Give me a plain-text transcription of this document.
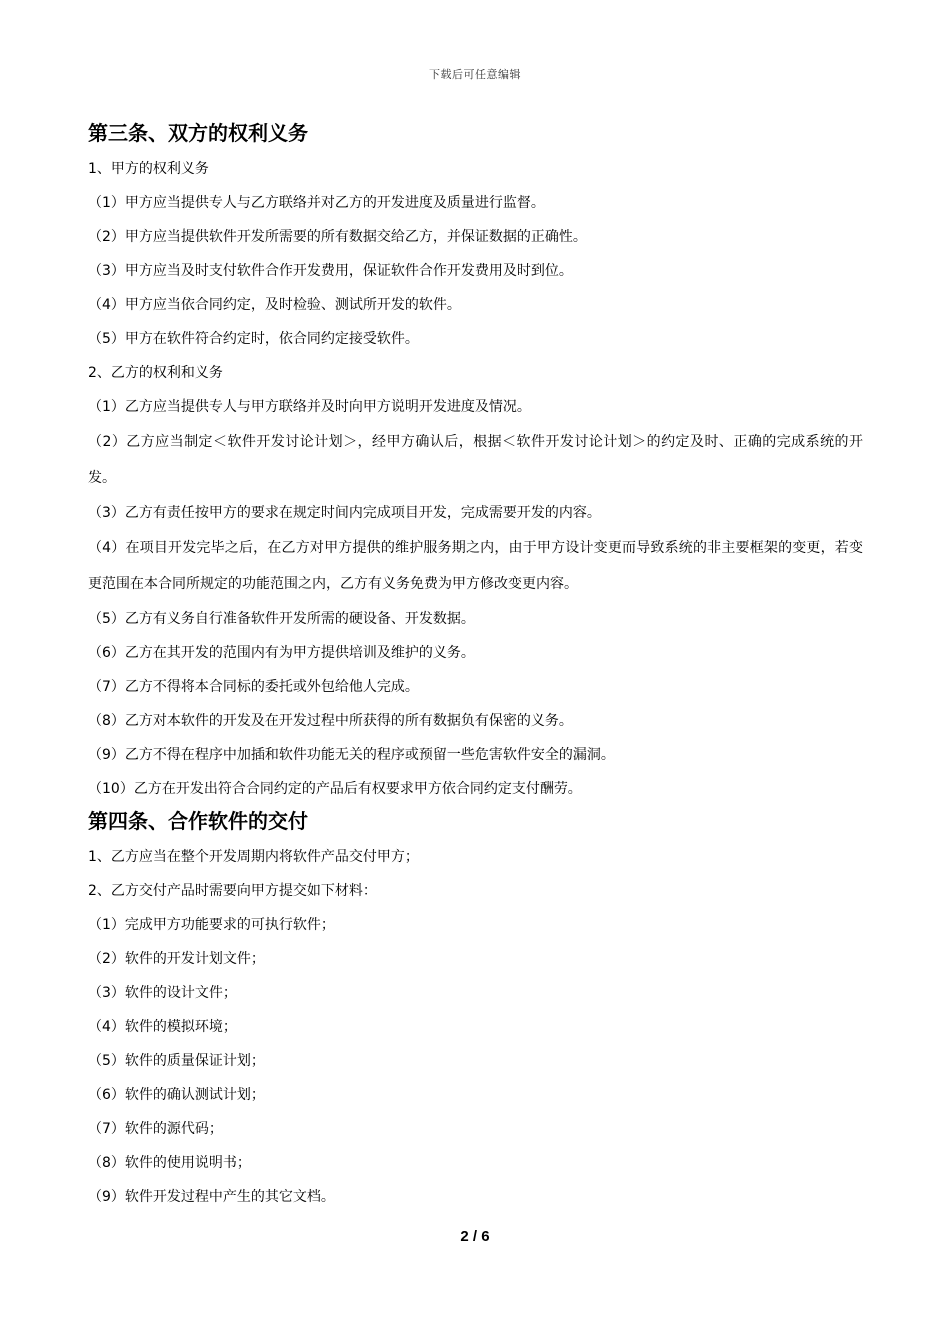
下载后可任意编辑
第三条、双方的权利义务
1、甲方的权利义务
（1）甲方应当提供专人与乙方联络并对乙方的开发进度及质量进行监督。
（2）甲方应当提供软件开发所需要的所有数据交给乙方，并保证数据的正确性。
（3）甲方应当及时支付软件合作开发费用，保证软件合作开发费用及时到位。
（4）甲方应当依合同约定，及时检验、测试所开发的软件。
（5）甲方在软件符合约定时，依合同约定接受软件。
2、乙方的权利和义务
（1）乙方应当提供专人与甲方联络并及时向甲方说明开发进度及情况。
（2）乙方应当制定＜软件开发讨论计划＞，经甲方确认后，根据＜软件开发讨论计划＞的约定及时、正确的完成系统的开发。
（3）乙方有责任按甲方的要求在规定时间内完成项目开发，完成需要开发的内容。
（4）在项目开发完毕之后，在乙方对甲方提供的维护服务期之内，由于甲方设计变更而导致系统的非主要框架的变更，若变更范围在本合同所规定的功能范围之内，乙方有义务免费为甲方修改变更内容。
（5）乙方有义务自行准备软件开发所需的硬设备、开发数据。
（6）乙方在其开发的范围内有为甲方提供培训及维护的义务。
（7）乙方不得将本合同标的委托或外包给他人完成。
（8）乙方对本软件的开发及在开发过程中所获得的所有数据负有保密的义务。
（9）乙方不得在程序中加插和软件功能无关的程序或预留一些危害软件安全的漏洞。
（10）乙方在开发出符合合同约定的产品后有权要求甲方依合同约定支付酬劳。
第四条、合作软件的交付
1、乙方应当在整个开发周期内将软件产品交付甲方；
2、乙方交付产品时需要向甲方提交如下材料：
（1）完成甲方功能要求的可执行软件；
（2）软件的开发计划文件；
（3）软件的设计文件；
（4）软件的模拟环境；
（5）软件的质量保证计划；
（6）软件的确认测试计划；
（7）软件的源代码；
（8）软件的使用说明书；
（9）软件开发过程中产生的其它文档。
2 / 6
